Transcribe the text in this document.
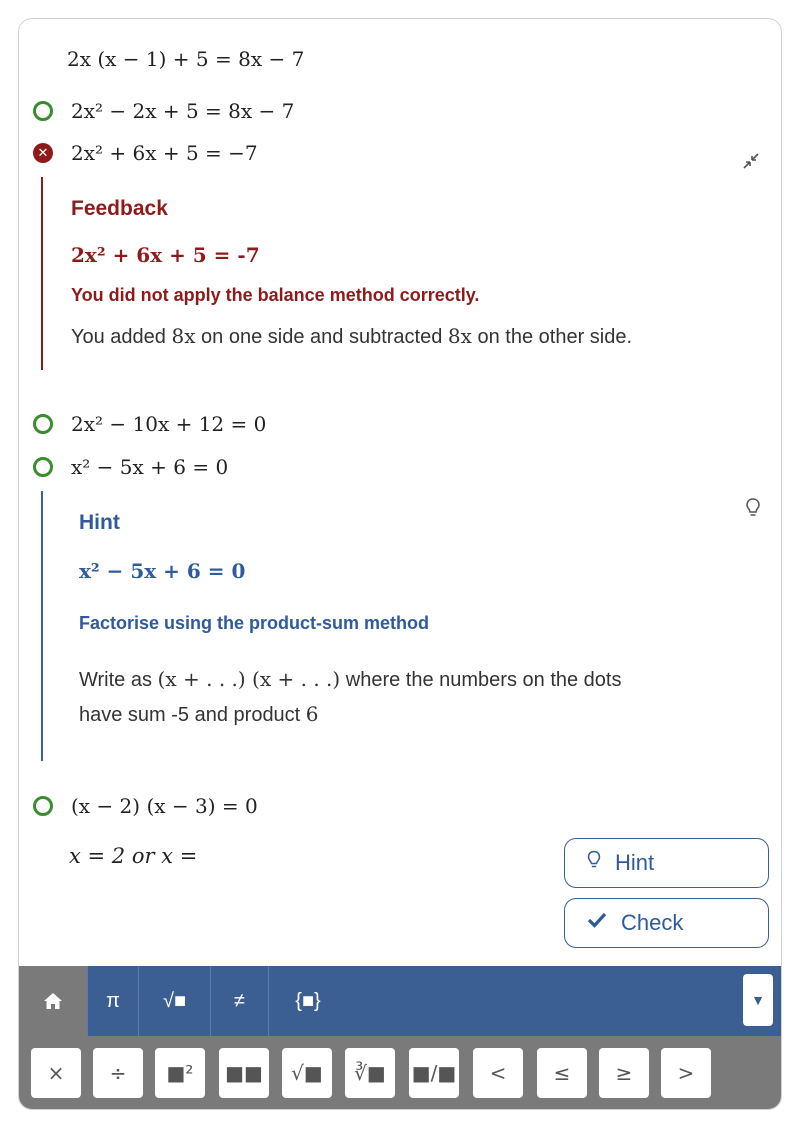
2x (x − 1) + 5 = 8x − 7
2x² − 2x + 5 = 8x − 7
✕ 2x² + 6x + 5 = −7
Feedback
2x² + 6x + 5 = -7
You did not apply the balance method correctly.
You added 8x on one side and subtracted 8x on the other side.
2x² − 10x + 12 = 0
x² − 5x + 6 = 0
Hint
x² − 5x + 6 = 0
Factorise using the product-sum method
Write as (x + . . .) (x + . . .) where the numbers on the dots
have sum -5 and product 6
(x − 2) (x − 3) = 0
x = 2 or x =	Hint
Check
π	√■	≠	{■}	▼
×	÷	■²	■■	√■	∛■	■/■	<	≤	≥	>
